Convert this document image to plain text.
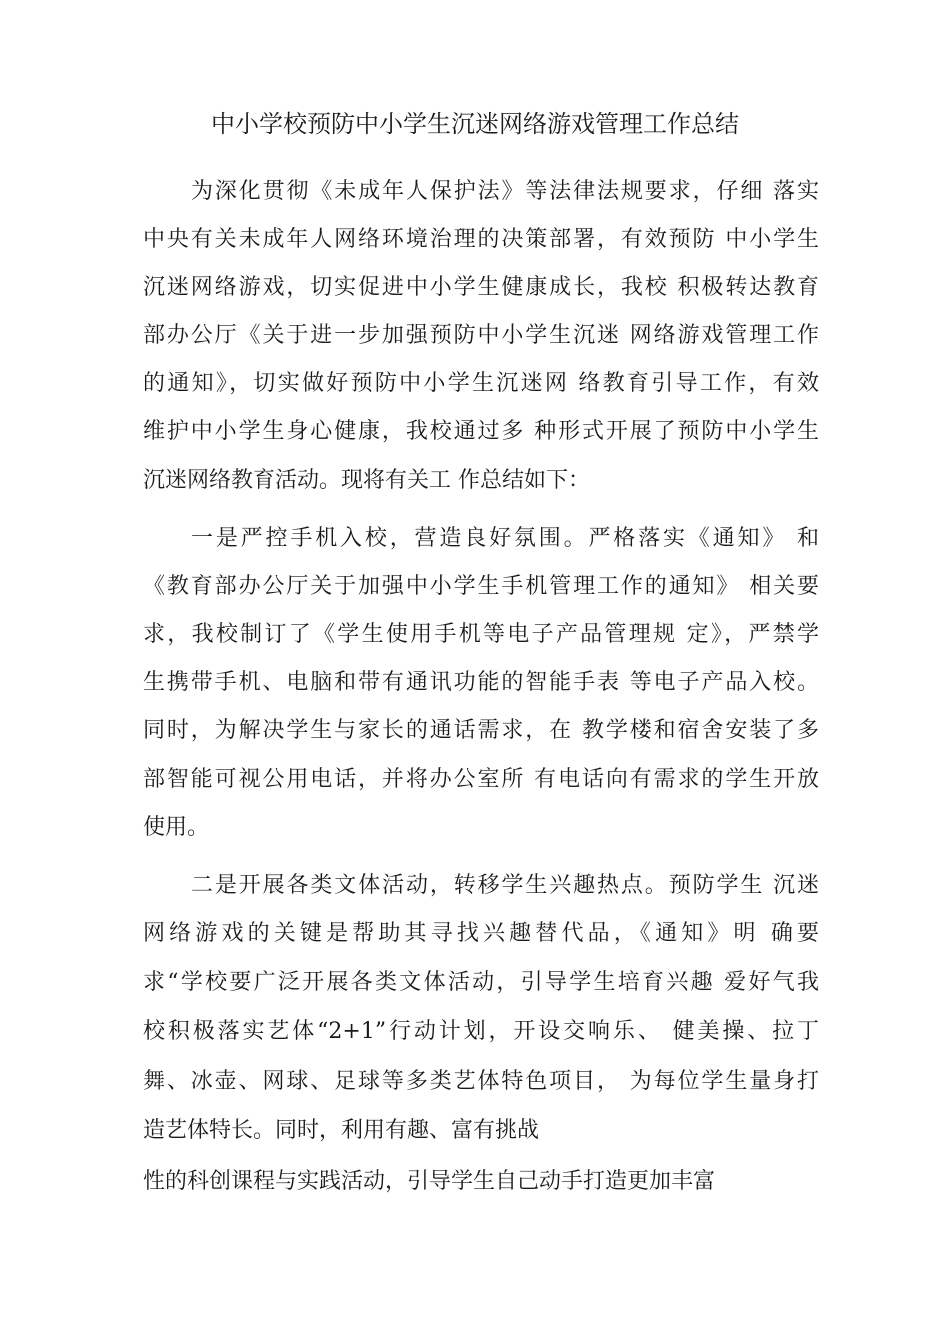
中小学校预防中小学生沉迷网络游戏管理工作总结
为深化贯彻《未成年人保护法》等法律法规要求，仔细 落实
中央有关未成年人网络环境治理的决策部署，有效预防 中小学生
沉迷网络游戏，切实促进中小学生健康成长，我校 积极转达教育
部办公厅《关于进一步加强预防中小学生沉迷 网络游戏管理工作
的通知》，切实做好预防中小学生沉迷网 络教育引导工作，有效
维护中小学生身心健康，我校通过多 种形式开展了预防中小学生
沉迷网络教育活动。现将有关工 作总结如下：
一是严控手机入校，营造良好氛围。严格落实《通知》 和
《教育部办公厅关于加强中小学生手机管理工作的通知》 相关要
求，我校制订了《学生使用手机等电子产品管理规 定》，严禁学
生携带手机、电脑和带有通讯功能的智能手表 等电子产品入校。
同时，为解决学生与家长的通话需求，在 教学楼和宿舍安装了多
部智能可视公用电话，并将办公室所 有电话向有需求的学生开放
使用。
二是开展各类文体活动，转移学生兴趣热点。预防学生 沉迷
网络游戏的关键是帮助其寻找兴趣替代品，《通知》明 确要
求“学校要广泛开展各类文体活动，引导学生培育兴趣 爱好气我
校积极落实艺体“2+1”行动计划，开设交响乐、 健美操、拉丁
舞、冰壶、网球、足球等多类艺体特色项目， 为每位学生量身打
造艺体特长。同时，利用有趣、富有挑战
性的科创课程与实践活动，引导学生自己动手打造更加丰富
